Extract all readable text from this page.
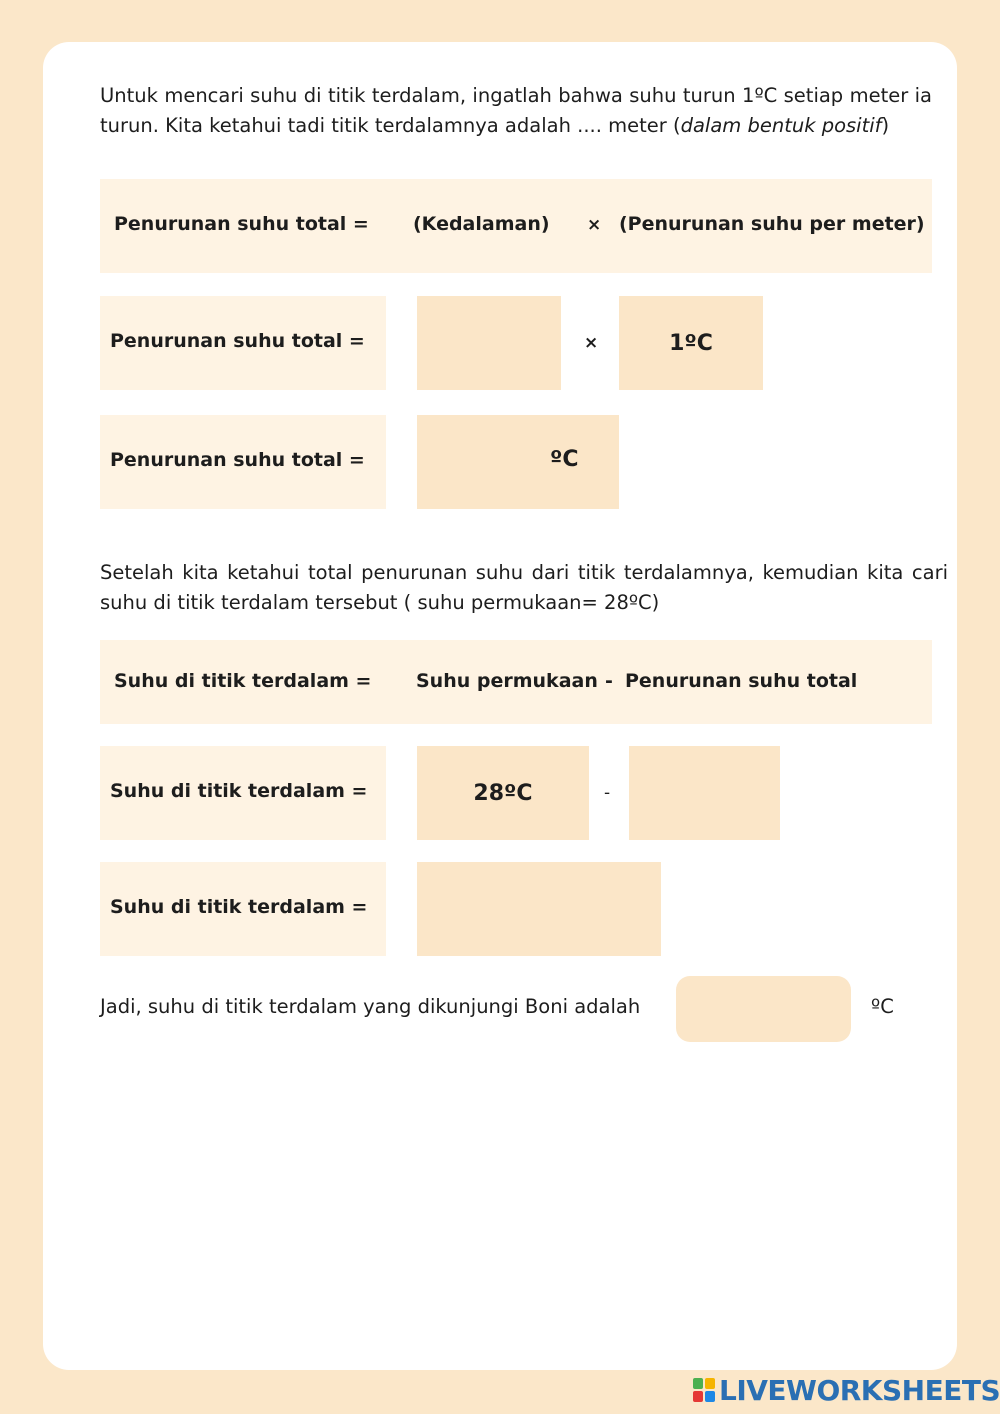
Untuk mencari suhu di titik terdalam, ingatlah bahwa suhu turun 1ºC setiap meter ia turun. Kita ketahui tadi titik terdalamnya adalah .... meter (dalam bentuk positif)

Penurunan suhu total = (Kedalaman) × (Penurunan suhu per meter)
Penurunan suhu total =	×	1ºC
Penurunan suhu total =	ºC

Setelah kita ketahui total penurunan suhu dari titik terdalamnya, kemudian kita cari suhu di titik terdalam tersebut ( suhu permukaan= 28ºC)

Suhu di titik terdalam = Suhu permukaan - Penurunan suhu total
Suhu di titik terdalam =	28ºC	-
Suhu di titik terdalam =
Jadi, suhu di titik terdalam yang dikunjungi Boni adalah	ºC
LIVEWORKSHEETS
